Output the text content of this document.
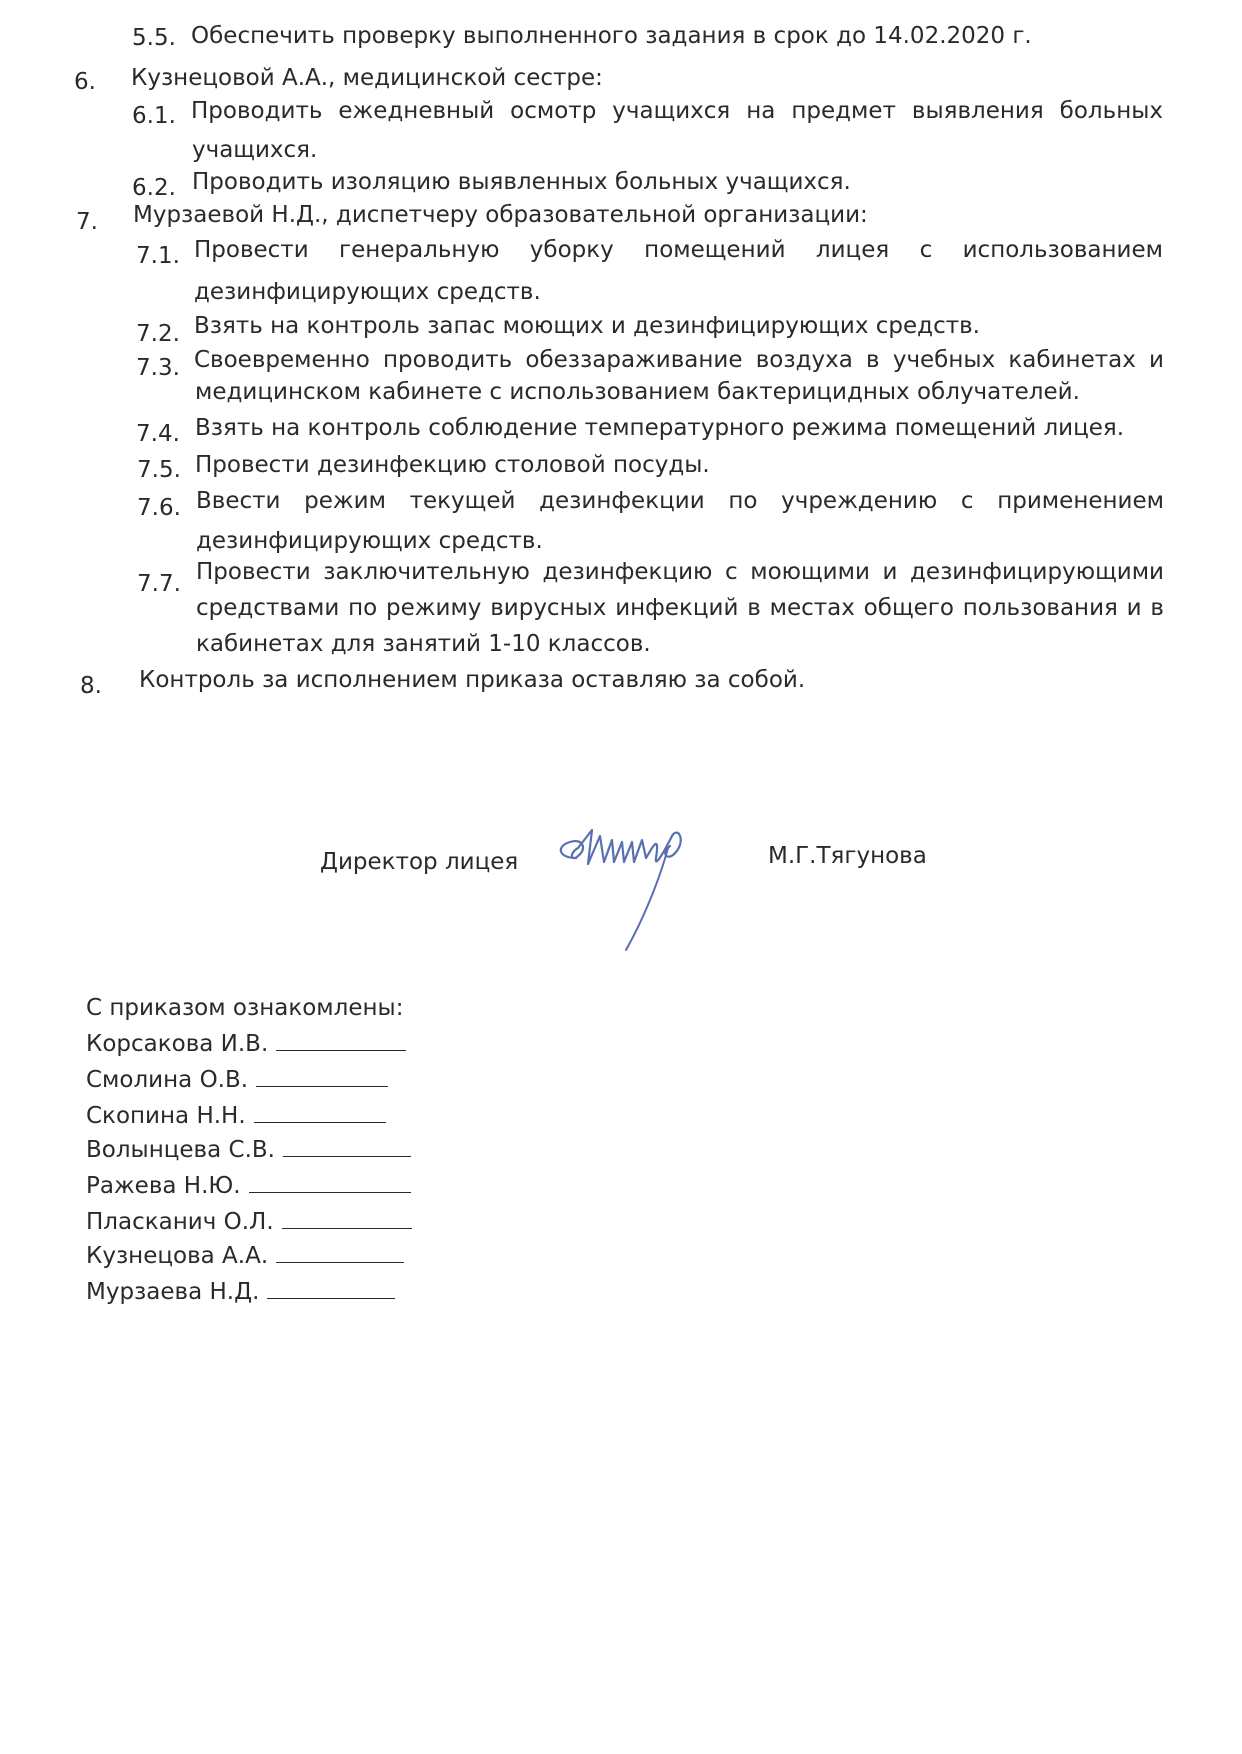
5.5. Обеспечить проверку выполненного задания в срок до 14.02.2020 г.
6. Кузнецовой А.А., медицинской сестре:
6.1. Проводить ежедневный осмотр учащихся на предмет выявления больных
учащихся.
6.2. Проводить изоляцию выявленных больных учащихся.
7. Мурзаевой Н.Д., диспетчеру образовательной организации:
7.1. Провести генеральную уборку помещений лицея с использованием
дезинфицирующих средств.
7.2. Взять на контроль запас моющих и дезинфицирующих средств.
7.3. Своевременно проводить обеззараживание воздуха в учебных кабинетах и
медицинском кабинете с использованием бактерицидных облучателей.
7.4. Взять на контроль соблюдение температурного режима помещений лицея.
7.5. Провести дезинфекцию столовой посуды.
7.6. Ввести режим текущей дезинфекции по учреждению с применением
дезинфицирующих средств.
7.7. Провести заключительную дезинфекцию с моющими и дезинфицирующими
средствами по режиму вирусных инфекций в местах общего пользования и в
кабинетах для занятий 1-10 классов.
8. Контроль за исполнением приказа оставляю за собой.
Директор лицея	М.Г.Тягунова
С приказом ознакомлены:
Корсакова И.В.
Смолина О.В.
Скопина Н.Н.
Волынцева С.В.
Ражева Н.Ю.
Пласканич О.Л.
Кузнецова А.А.
Мурзаева Н.Д.
